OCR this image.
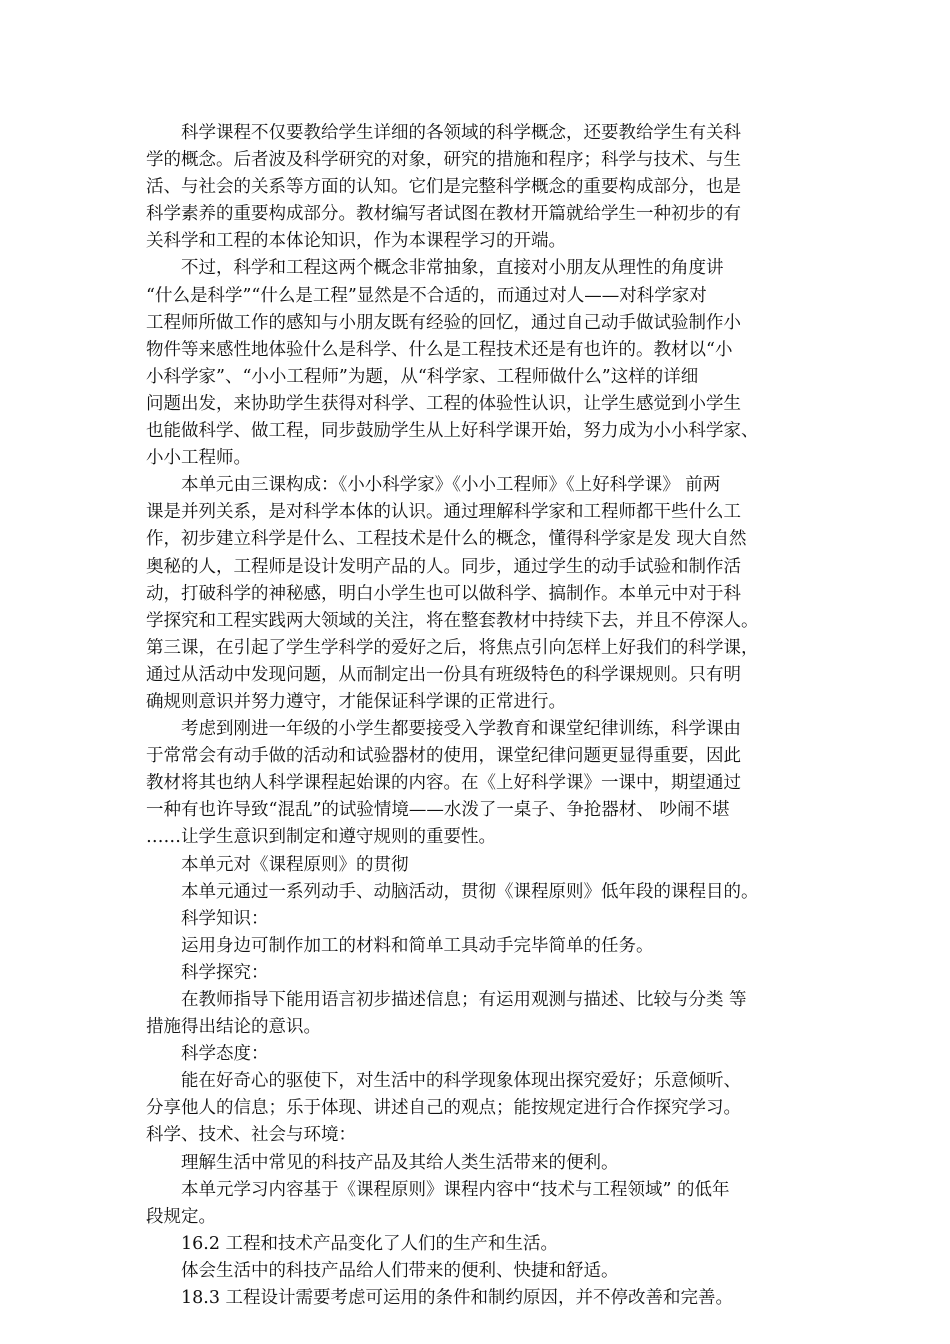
科学课程不仅要教给学生详细的各领域的科学概念，还要教给学生有关科
学的概念。后者波及科学研究的对象，研究的措施和程序；科学与技术、与生
活、与社会的关系等方面的认知。它们是完整科学概念的重要构成部分，也是
科学素养的重要构成部分。教材编写者试图在教材开篇就给学生一种初步的有
关科学和工程的本体论知识，作为本课程学习的开端。
不过，科学和工程这两个概念非常抽象，直接对小朋友从理性的角度讲
“什么是科学”“什么是工程”显然是不合适的，而通过对人——对科学家对
工程师所做工作的感知与小朋友既有经验的回忆，通过自己动手做试验制作小
物件等来感性地体验什么是科学、什么是工程技术还是有也许的。教材以“小
小科学家”、“小小工程师”为题，从“科学家、工程师做什么”这样的详细
问题出发，来协助学生获得对科学、工程的体验性认识，让学生感觉到小学生
也能做科学、做工程，同步鼓励学生从上好科学课开始，努力成为小小科学家、
小小工程师。
本单元由三课构成：《小小科学家》《小小工程师》《上好科学课》 前两
课是并列关系，是对科学本体的认识。通过理解科学家和工程师都干些什么工
作，初步建立科学是什么、工程技术是什么的概念，懂得科学家是发 现大自然
奥秘的人，工程师是设计发明产品的人。同步，通过学生的动手试验和制作活
动，打破科学的神秘感，明白小学生也可以做科学、搞制作。本单元中对于科
学探究和工程实践两大领域的关注，将在整套教材中持续下去，并且不停深人。
第三课，在引起了学生学科学的爱好之后，将焦点引向怎样上好我们的科学课，
通过从活动中发现问题，从而制定出一份具有班级特色的科学课规则。只有明
确规则意识并努力遵守，才能保证科学课的正常进行。
考虑到刚进一年级的小学生都要接受入学教育和课堂纪律训练，科学课由
于常常会有动手做的活动和试验器材的使用，课堂纪律问题更显得重要，因此
教材将其也纳人科学课程起始课的内容。在《上好科学课》一课中，期望通过
一种有也许导致“混乱”的试验情境——水泼了一桌子、争抢器材、 吵闹不堪
……让学生意识到制定和遵守规则的重要性。
本单元对《课程原则》的贯彻
本单元通过一系列动手、动脑活动，贯彻《课程原则》低年段的课程目的。
科学知识：
运用身边可制作加工的材料和简单工具动手完毕简单的任务。
科学探究：
在教师指导下能用语言初步描述信息；有运用观测与描述、比较与分类 等
措施得出结论的意识。
科学态度：
能在好奇心的驱使下，对生活中的科学现象体现出探究爱好；乐意倾听、
分享他人的信息；乐于体现、讲述自己的观点；能按规定进行合作探究学习。
科学、技术、社会与环境：
理解生活中常见的科技产品及其给人类生活带来的便利。
本单元学习内容基于《课程原则》课程内容中“技术与工程领域” 的低年
段规定。
16.2 工程和技术产品变化了人们的生产和生活。
体会生活中的科技产品给人们带来的便利、快捷和舒适。
18.3 工程设计需要考虑可运用的条件和制约原因，并不停改善和完善。
